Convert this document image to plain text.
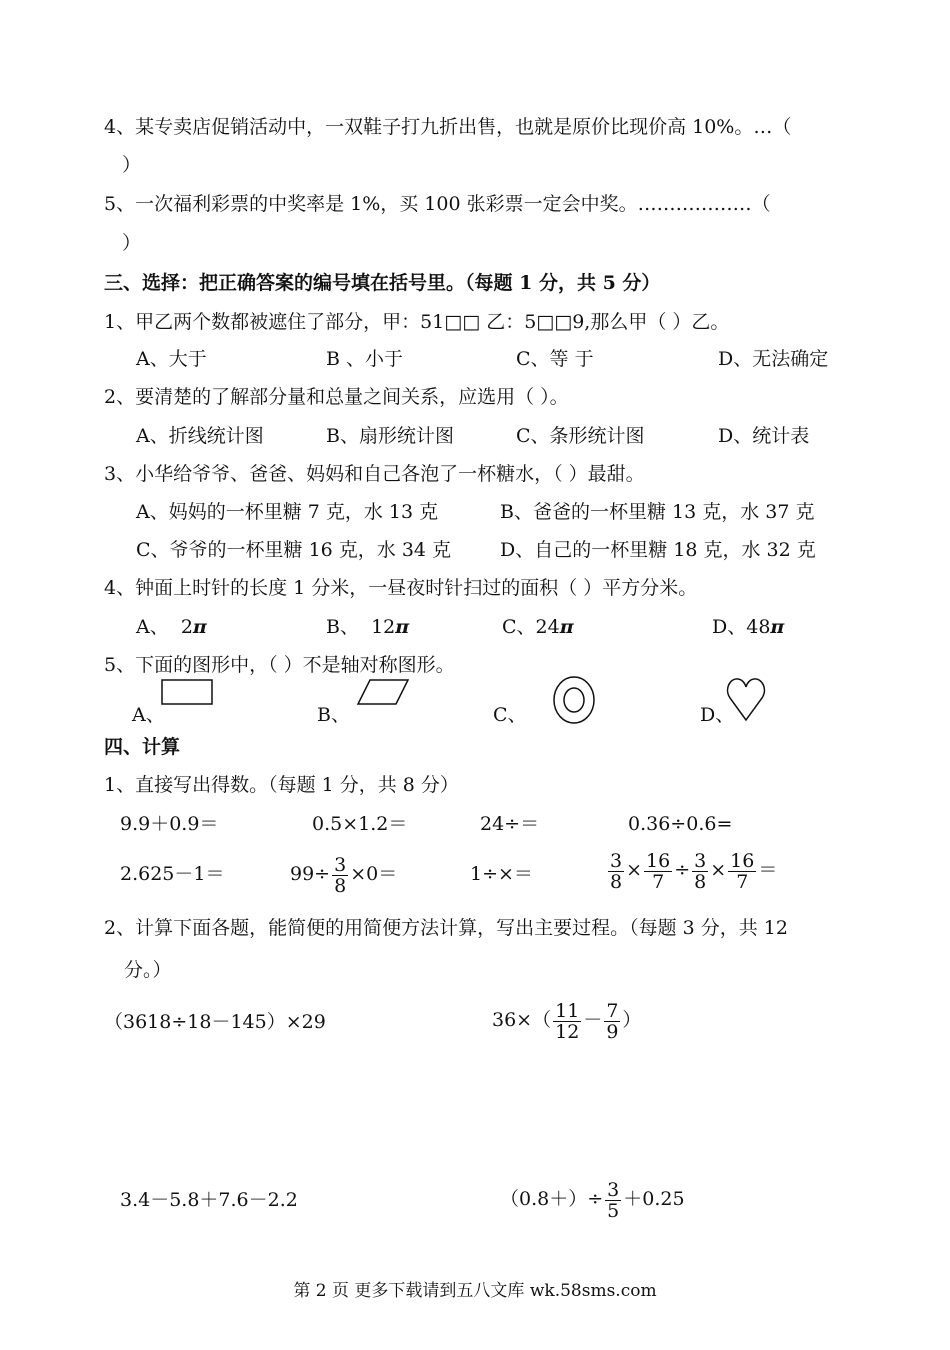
4、某专卖店促销活动中，一双鞋子打九折出售，也就是原价比现价高 10%。…（
）
5、一次福利彩票的中奖率是 1%，买 100 张彩票一定会中奖。………………（
）
三、选择：把正确答案的编号填在括号里。（每题 1 分，共 5 分）
1、甲乙两个数都被遮住了部分，甲：51□□ 乙：5□□9,那么甲（ ）乙。
A、大于	B 、小于	C、等 于	D、无法确定
2、要清楚的了解部分量和总量之间关系，应选用（ ）。
A、折线统计图	B、扇形统计图	C、条形统计图	D、统计表
3、小华给爷爷、爸爸、妈妈和自己各泡了一杯糖水，（ ）最甜。
A、妈妈的一杯里糖 7 克，水 13 克	B、爸爸的一杯里糖 13 克，水 37 克
C、爷爷的一杯里糖 16 克，水 34 克	D、自己的一杯里糖 18 克，水 32 克
4、钟面上时针的长度 1 分米，一昼夜时针扫过的面积（ ）平方分米。
A、 2π	B、 12π	C、24π	D、48π
5、下面的图形中，（ ）不是轴对称图形。
A、	B、	C、	D、
四、计算
1、直接写出得数。（每题 1 分，共 8 分）
9.9＋0.9＝	0.5×1.2＝	24÷＝	0.36÷0.6=
2.625－1＝	$99\div \frac{3}{8} \times 0=$	1÷×＝	$\frac{3}{8} \times \frac{16}{7} \div \frac{3}{8} \times \frac{16}{7}$ ＝
2、计算下面各题，能简便的用简便方法计算，写出主要过程。（每题 3 分，共 12
分。）
（3618÷18－145）×29	$36\times( \frac{11}{12} - \frac{7}{9}$ ）
3.4－5.8＋7.6－2.2	$(0.8+)\div \frac{3}{5} +0.25$
第 2 页 更多下载请到五八文库 wk.58sms.com
